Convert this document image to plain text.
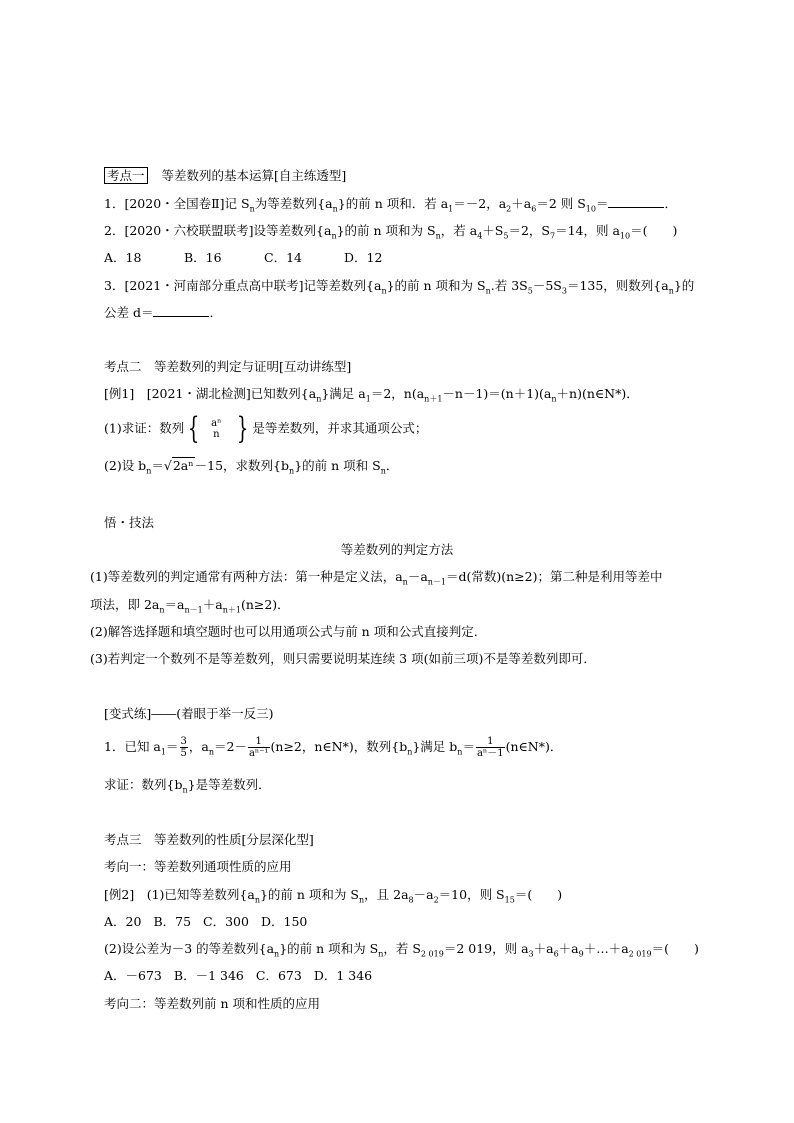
考点一 等差数列的基本运算[自主练透型]
1．[2020・全国卷Ⅱ]记 $S_n$为等差数列$\{a_n\}$的前 n 项和．若 $a_1=-2$，$a_2+a_6=2$ 则 $S_{10}=$	．
2．[2020・六校联盟联考]设等差数列$\{a_n\}$的前 n 项和为 $S_n$，若 $a_4+S_5=2$，$S_7=14$，则 $a_{10}=$(　　)
A．18	B．16	C．14	D．12
3．[2021・河南部分重点高中联考]记等差数列$\{a_n\}$的前 n 项和为 $S_n$.若 $3S_5-5S_3=135$，则数列$\{a_n\}$的
公差 d＝	．
考点二　等差数列的判定与证明[互动讲练型]
[例1]　[2021・湖北检测]已知数列$\{a_n\}$满足 $a_1=2$，$n(a_{n+1}-n-1)=(n+1)(a_n+n)(n\in N*)$．
(1)求证：数列 {	aⁿ
n } 是等差数列，并求其通项公式；
(2)设 $b_n=√2a^n-15$，求数列$\{b_n\}$的前 n 项和 $S_n$．
悟・技法
等差数列的判定方法
(1)等差数列的判定通常有两种方法：第一种是定义法，$a_n-a_{n-1}=d$(常数)(n≥2)；第二种是利用等差中
项法，即 $2a_n=a_{n-1}+a_{n+1}(n\ge 2)$．
(2)解答选择题和填空题时也可以用通项公式与前 n 项和公式直接判定．
(3)若判定一个数列不是等差数列，则只需要说明某连续 3 项(如前三项)不是等差数列即可．
[变式练]――(着眼于举一反三)
1．已知 $a_1= \frac{3}{5}$ ，$a_n=2- \frac{1}{\text{aⁿ⁻¹}} (n\ge 2$，n∈N*)，数列$\{b_n\}$满足 $b_n= \frac{1}{\text{aⁿ－1}}$ (n∈N*)．
求证：数列$\{b_n\}$是等差数列．
考点三　等差数列的性质[分层深化型]
考向一：等差数列通项性质的应用
[例2]　(1)已知等差数列$\{a_n\}$的前 n 项和为 $S_n$，且 $2a_8-a_2=10$，则 $S_{15}=$(　　)
A．20 B．75 C．300 D．150
(2)设公差为－3 的等差数列$\{a_n\}$的前 n 项和为 $S_n$，若 $S_{2 019}=2$ 019，则 $a_3+a_6+a_9+\dots+a_{2 019}=$(　　)
A．－673 B．－1 346 C．673 D．1 346
考向二：等差数列前 n 项和性质的应用
